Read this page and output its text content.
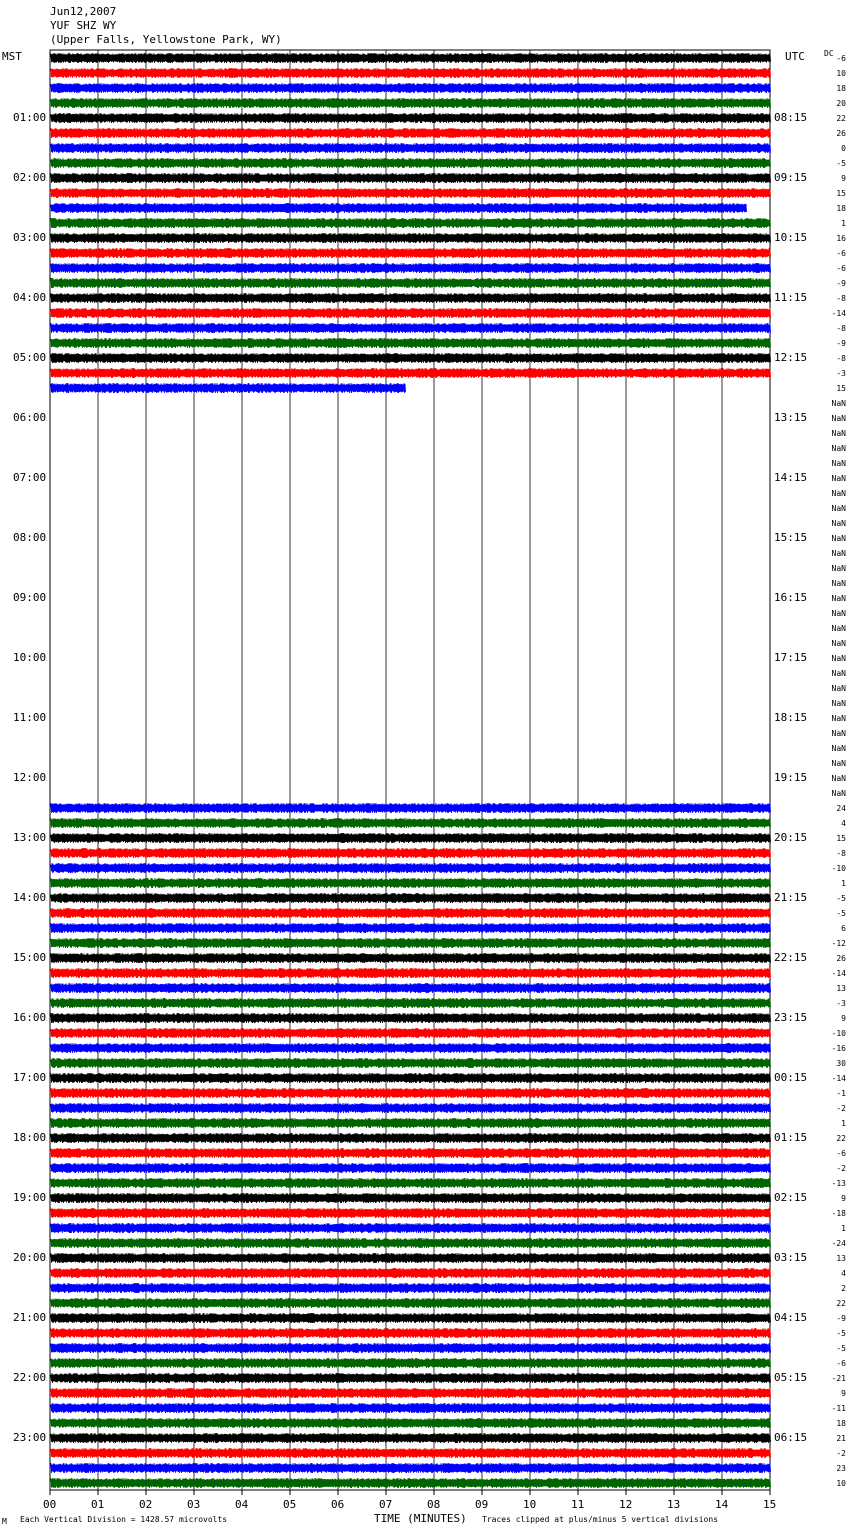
Jun12,2007
YUF SHZ WY
(Upper Falls, Yellowstone Park, WY)
MST	UTC DC
01:00
02:00
03:00
04:00
05:00
06:00
07:00
08:00
09:00
10:00
11:00
12:00
13:00
14:00
15:00
16:00
17:00
18:00
19:00
20:00
21:00
22:00
23:00
08:15
09:15
10:15
11:15
12:15
13:15
14:15
15:15
16:15
17:15
18:15
19:15
20:15
21:15
22:15
23:15
00:15
01:15
02:15
03:15
04:15
05:15
06:15
-6
10
18
20
22
26
0
-5
9
15
18
1
16
-6
-6
-9
-8
-14
-8
-9
-8
-3
15
NaN
NaN
NaN
NaN
NaN
NaN
NaN
NaN
NaN
NaN
NaN
NaN
NaN
NaN
NaN
NaN
NaN
NaN
NaN
NaN
NaN
NaN
NaN
NaN
NaN
NaN
NaN
24
4
15
-8
-10
1
-5
-5
6
-12
26
-14
13
-3
9
-10
-16
30
-14
-1
-2
1
22
-6
-2
-13
9
-18
1
-24
13
4
2
22
-9
-5
-5
-6
-21
9
-11
18
21
-2
23
10
00	01	02	03	04	05	06	07	08	09	10	11	12	13	14	15
M Each Vertical Division = 1428.57 microvolts	TIME (MINUTES) Traces clipped at plus/minus 5 vertical divisions
